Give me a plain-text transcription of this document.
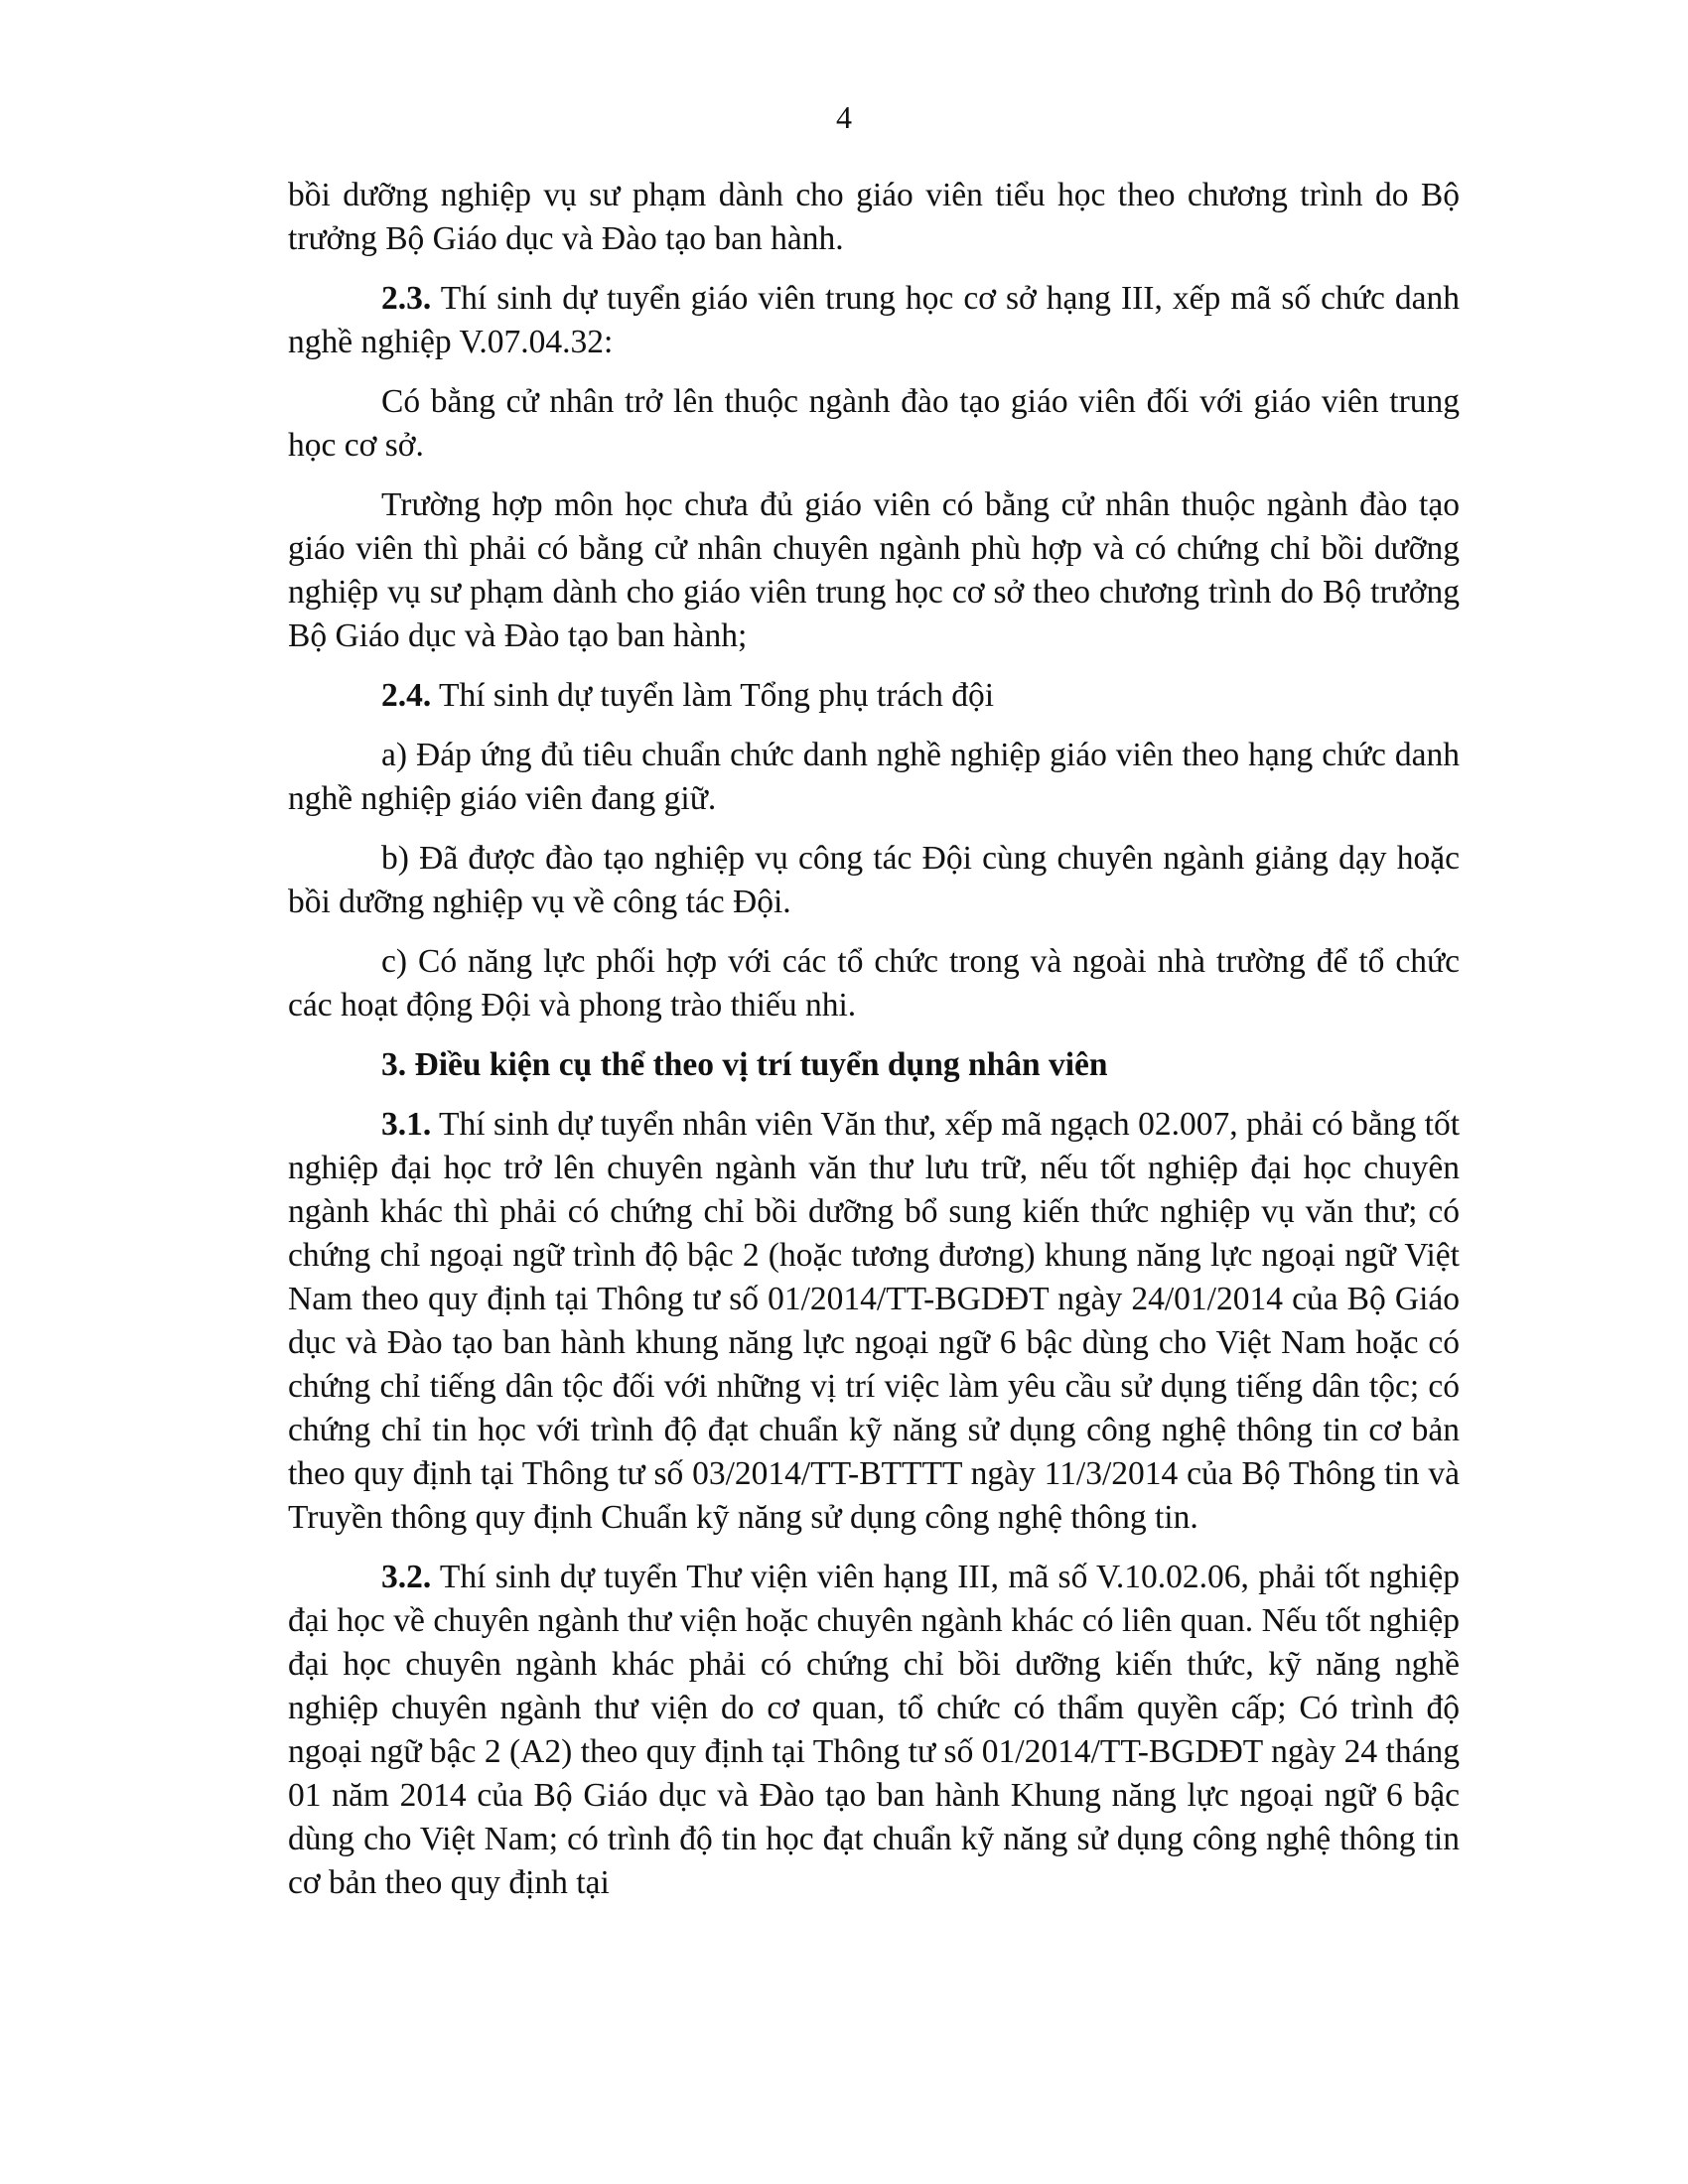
4

bồi dưỡng nghiệp vụ sư phạm dành cho giáo viên tiểu học theo chương trình do Bộ trưởng Bộ Giáo dục và Đào tạo ban hành.

2.3. Thí sinh dự tuyển giáo viên trung học cơ sở hạng III, xếp mã số chức danh nghề nghiệp V.07.04.32:

Có bằng cử nhân trở lên thuộc ngành đào tạo giáo viên đối với giáo viên trung học cơ sở.

Trường hợp môn học chưa đủ giáo viên có bằng cử nhân thuộc ngành đào tạo giáo viên thì phải có bằng cử nhân chuyên ngành phù hợp và có chứng chỉ bồi dưỡng nghiệp vụ sư phạm dành cho giáo viên trung học cơ sở theo chương trình do Bộ trưởng Bộ Giáo dục và Đào tạo ban hành;

2.4. Thí sinh dự tuyển làm Tổng phụ trách đội

a) Đáp ứng đủ tiêu chuẩn chức danh nghề nghiệp giáo viên theo hạng chức danh nghề nghiệp giáo viên đang giữ.

b) Đã được đào tạo nghiệp vụ công tác Đội cùng chuyên ngành giảng dạy hoặc bồi dưỡng nghiệp vụ về công tác Đội.

c) Có năng lực phối hợp với các tổ chức trong và ngoài nhà trường để tổ chức các hoạt động Đội và phong trào thiếu nhi.

3. Điều kiện cụ thể theo vị trí tuyển dụng nhân viên

3.1. Thí sinh dự tuyển nhân viên Văn thư, xếp mã ngạch 02.007, phải có bằng tốt nghiệp đại học trở lên chuyên ngành văn thư lưu trữ, nếu tốt nghiệp đại học chuyên ngành khác thì phải có chứng chỉ bồi dưỡng bổ sung kiến thức nghiệp vụ văn thư; có chứng chỉ ngoại ngữ trình độ bậc 2 (hoặc tương đương) khung năng lực ngoại ngữ Việt Nam theo quy định tại Thông tư số 01/2014/TT-BGDĐT ngày 24/01/2014 của Bộ Giáo dục và Đào tạo ban hành khung năng lực ngoại ngữ 6 bậc dùng cho Việt Nam hoặc có chứng chỉ tiếng dân tộc đối với những vị trí việc làm yêu cầu sử dụng tiếng dân tộc; có chứng chỉ tin học với trình độ đạt chuẩn kỹ năng sử dụng công nghệ thông tin cơ bản theo quy định tại Thông tư số 03/2014/TT-BTTTT ngày 11/3/2014 của Bộ Thông tin và Truyền thông quy định Chuẩn kỹ năng sử dụng công nghệ thông tin.

3.2. Thí sinh dự tuyển Thư viện viên hạng III, mã số V.10.02.06, phải tốt nghiệp đại học về chuyên ngành thư viện hoặc chuyên ngành khác có liên quan. Nếu tốt nghiệp đại học chuyên ngành khác phải có chứng chỉ bồi dưỡng kiến thức, kỹ năng nghề nghiệp chuyên ngành thư viện do cơ quan, tổ chức có thẩm quyền cấp; Có trình độ ngoại ngữ bậc 2 (A2) theo quy định tại Thông tư số 01/2014/TT-BGDĐT ngày 24 tháng 01 năm 2014 của Bộ Giáo dục và Đào tạo ban hành Khung năng lực ngoại ngữ 6 bậc dùng cho Việt Nam; có trình độ tin học đạt chuẩn kỹ năng sử dụng công nghệ thông tin cơ bản theo quy định tại
